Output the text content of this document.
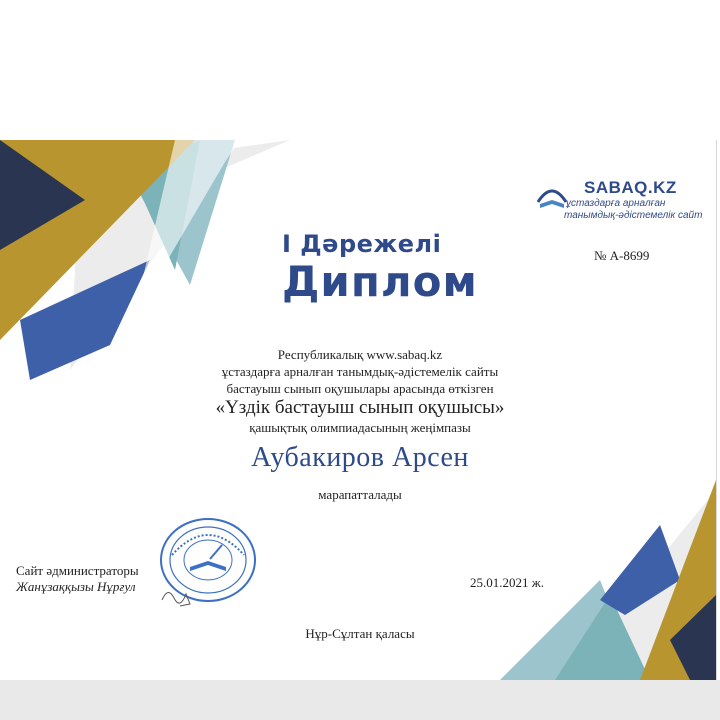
SABAQ.KZ
ұстаздарға арналған
танымдық-әдістемелік сайт
№ А-8699
І Дәрежелі
Диплом
Республикалық www.sabaq.kz
ұстаздарға арналған танымдық-әдістемелік сайты
бастауыш сынып оқушылары арасында өткізген
«Үздік бастауыш сынып оқушысы»
қашықтық олимпиадасының жеңімпазы
Аубакиров Арсен
марапатталады
Сайт әдминистраторы
Жанұзаққызы Нұрғул	25.01.2021 ж.
Нұр-Сұлтан қаласы
